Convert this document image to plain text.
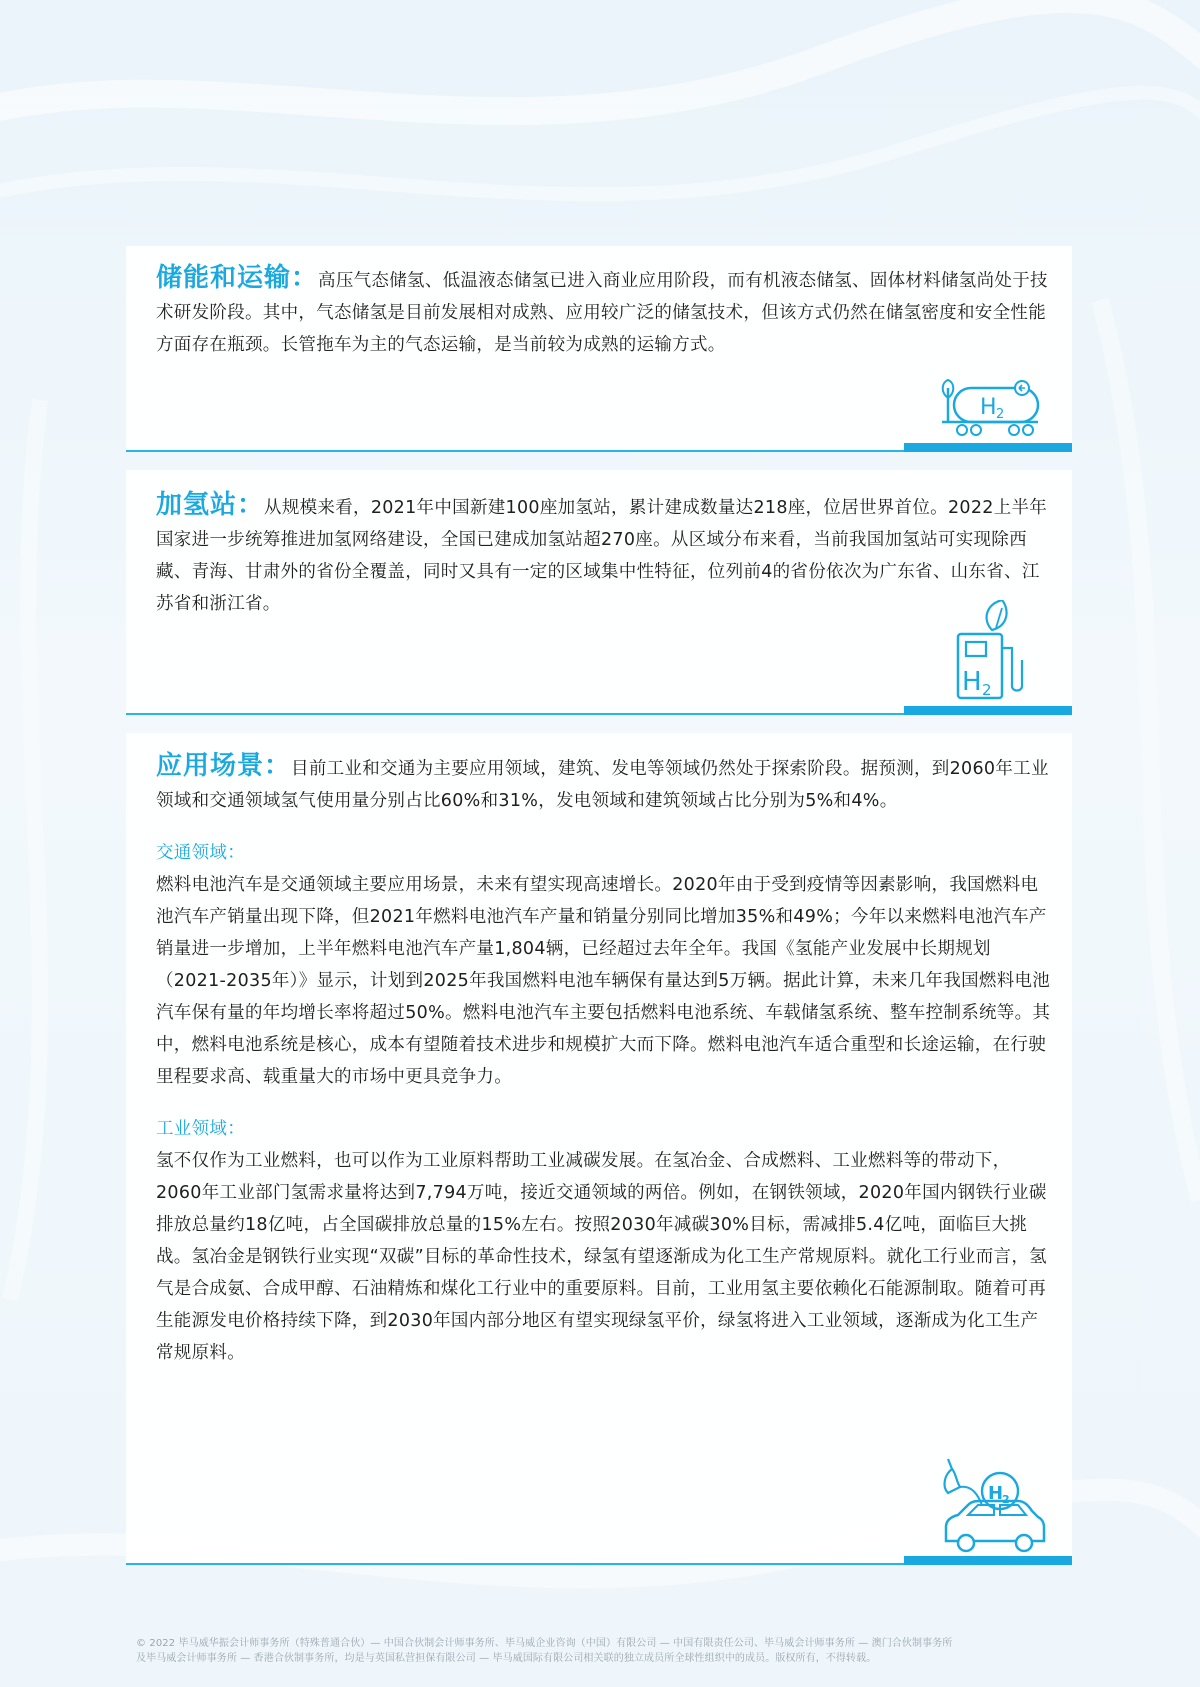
储能和运输：高压气态储氢、低温液态储氢已进入商业应用阶段，而有机液态储氢、固体材料储氢尚处于技术研发阶段。其中，气态储氢是目前发展相对成熟、应用较广泛的储氢技术，但该方式仍然在储氢密度和安全性能方面存在瓶颈。长管拖车为主的气态运输，是当前较为成熟的运输方式。

H 2

加氢站：从规模来看，2021年中国新建100座加氢站，累计建成数量达218座，位居世界首位。2022上半年国家进一步统筹推进加氢网络建设，全国已建成加氢站超270座。从区域分布来看，当前我国加氢站可实现除西藏、青海、甘肃外的省份全覆盖，同时又具有一定的区域集中性特征，位列前4的省份依次为广东省、山东省、江苏省和浙江省。

H 2

应用场景：目前工业和交通为主要应用领域，建筑、发电等领域仍然处于探索阶段。据预测，到2060年工业领域和交通领域氢气使用量分别占比60%和31%，发电领域和建筑领域占比分别为5%和4%。

交通领域：

燃料电池汽车是交通领域主要应用场景，未来有望实现高速增长。2020年由于受到疫情等因素影响，我国燃料电池汽车产销量出现下降，但2021年燃料电池汽车产量和销量分别同比增加35%和49%；今年以来燃料电池汽车产销量进一步增加，上半年燃料电池汽车产量1,804辆，已经超过去年全年。我国《氢能产业发展中长期规划（2021-2035年）》显示，计划到2025年我国燃料电池车辆保有量达到5万辆。据此计算，未来几年我国燃料电池汽车保有量的年均增长率将超过50%。燃料电池汽车主要包括燃料电池系统、车载储氢系统、整车控制系统等。其中，燃料电池系统是核心，成本有望随着技术进步和规模扩大而下降。燃料电池汽车适合重型和长途运输，在行驶里程要求高、载重量大的市场中更具竞争力。

工业领域：

氢不仅作为工业燃料，也可以作为工业原料帮助工业减碳发展。在氢冶金、合成燃料、工业燃料等的带动下，2060年工业部门氢需求量将达到7,794万吨，接近交通领域的两倍。例如，在钢铁领域，2020年国内钢铁行业碳排放总量约18亿吨，占全国碳排放总量的15%左右。按照2030年减碳30%目标，需减排5.4亿吨，面临巨大挑战。氢冶金是钢铁行业实现“双碳”目标的革命性技术，绿氢有望逐渐成为化工生产常规原料。就化工行业而言，氢气是合成氨、合成甲醇、石油精炼和煤化工行业中的重要原料。目前，工业用氢主要依赖化石能源制取。随着可再生能源发电价格持续下降，到2030年国内部分地区有望实现绿氢平价，绿氢将进入工业领域，逐渐成为化工生产常规原料。

H
2
© 2022 毕马威华振会计师事务所（特殊普通合伙）— 中国合伙制会计师事务所、毕马威企业咨询（中国）有限公司 — 中国有限责任公司、毕马威会计师事务所 — 澳门合伙制事务所
及毕马威会计师事务所 — 香港合伙制事务所，均是与英国私营担保有限公司 — 毕马威国际有限公司相关联的独立成员所全球性组织中的成员。版权所有，不得转载。
